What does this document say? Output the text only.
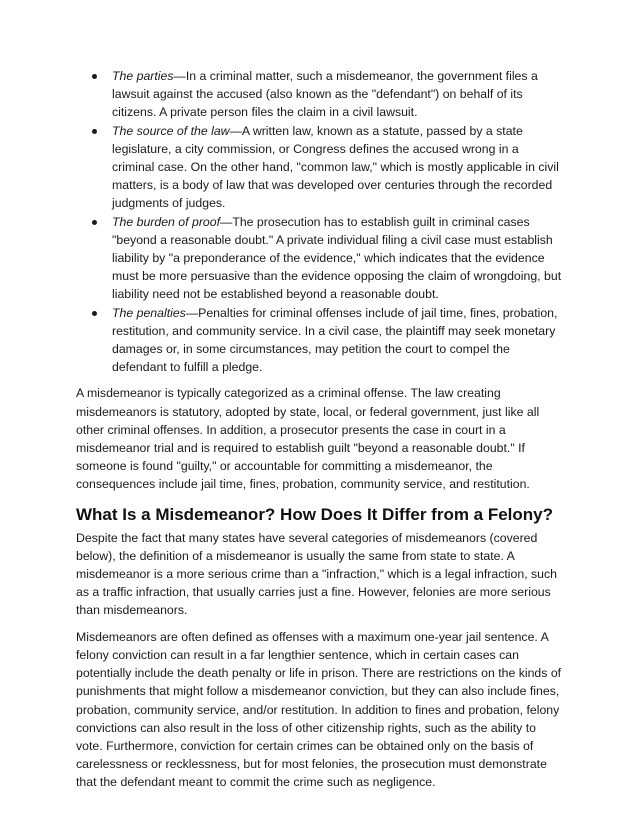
The parties—In a criminal matter, such a misdemeanor, the government files a lawsuit against the accused (also known as the "defendant") on behalf of its citizens. A private person files the claim in a civil lawsuit.
The source of the law—A written law, known as a statute, passed by a state legislature, a city commission, or Congress defines the accused wrong in a criminal case. On the other hand, "common law," which is mostly applicable in civil matters, is a body of law that was developed over centuries through the recorded judgments of judges.
The burden of proof—The prosecution has to establish guilt in criminal cases "beyond a reasonable doubt." A private individual filing a civil case must establish liability by "a preponderance of the evidence," which indicates that the evidence must be more persuasive than the evidence opposing the claim of wrongdoing, but liability need not be established beyond a reasonable doubt.
The penalties—Penalties for criminal offenses include of jail time, fines, probation, restitution, and community service. In a civil case, the plaintiff may seek monetary damages or, in some circumstances, may petition the court to compel the defendant to fulfill a pledge.

A misdemeanor is typically categorized as a criminal offense. The law creating misdemeanors is statutory, adopted by state, local, or federal government, just like all other criminal offenses. In addition, a prosecutor presents the case in court in a misdemeanor trial and is required to establish guilt "beyond a reasonable doubt." If someone is found "guilty," or accountable for committing a misdemeanor, the consequences include jail time, fines, probation, community service, and restitution.

What Is a Misdemeanor? How Does It Differ from a Felony?

Despite the fact that many states have several categories of misdemeanors (covered below), the definition of a misdemeanor is usually the same from state to state. A misdemeanor is a more serious crime than a "infraction," which is a legal infraction, such as a traffic infraction, that usually carries just a fine. However, felonies are more serious than misdemeanors.

Misdemeanors are often defined as offenses with a maximum one-year jail sentence. A felony conviction can result in a far lengthier sentence, which in certain cases can potentially include the death penalty or life in prison. There are restrictions on the kinds of punishments that might follow a misdemeanor conviction, but they can also include fines, probation, community service, and/or restitution. In addition to fines and probation, felony convictions can also result in the loss of other citizenship rights, such as the ability to vote. Furthermore, conviction for certain crimes can be obtained only on the basis of carelessness or recklessness, but for most felonies, the prosecution must demonstrate that the defendant meant to commit the crime such as negligence.
